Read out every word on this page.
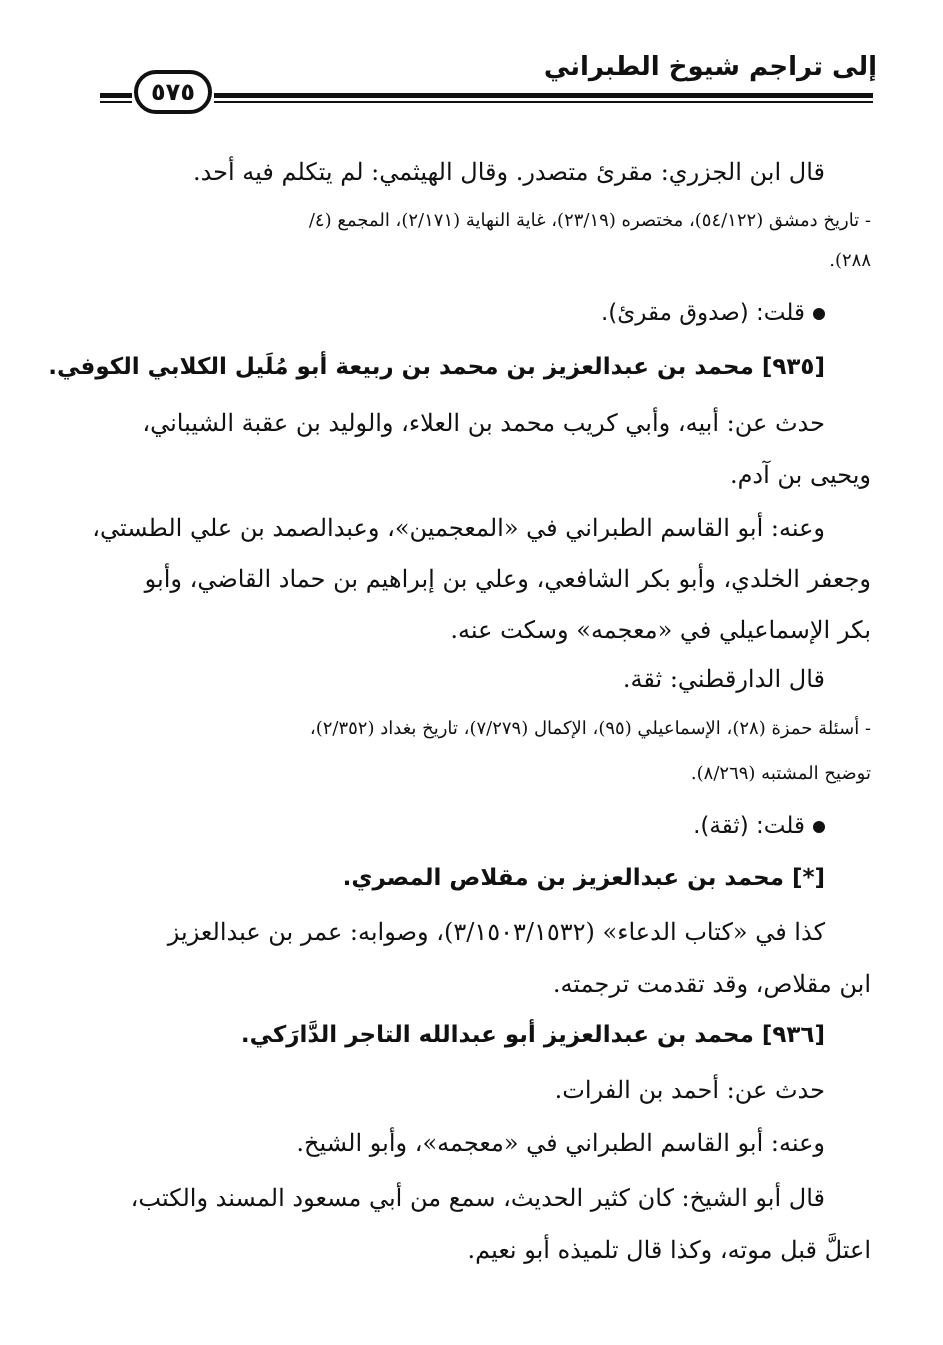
إلى تراجم شيوخ الطبراني
٥٧٥
قال ابن الجزري: مقرئ متصدر. وقال الهيثمي: لم يتكلم فيه أحد.
- تاريخ دمشق (٥٤/١٢٢)، مختصره (٢٣/١٩)، غاية النهاية (٢/١٧١)، المجمع (٤/
٢٨٨).
قلت: (صدوق مقرئ).
[٩٣٥] محمد بن عبدالعزيز بن محمد بن ربيعة أبو مُلَيل الكلابي الكوفي.
حدث عن: أبيه، وأبي كريب محمد بن العلاء، والوليد بن عقبة الشيباني،
ويحيى بن آدم.
وعنه: أبو القاسم الطبراني في «المعجمين»، وعبدالصمد بن علي الطستي،
وجعفر الخلدي، وأبو بكر الشافعي، وعلي بن إبراهيم بن حماد القاضي، وأبو
بكر الإسماعيلي في «معجمه» وسكت عنه.
قال الدارقطني: ثقة.
- أسئلة حمزة (٢٨)، الإسماعيلي (٩٥)، الإكمال (٧/٢٧٩)، تاريخ بغداد (٢/٣٥٢)،
توضيح المشتبه (٨/٢٦٩).
قلت: (ثقة).
[*] محمد بن عبدالعزيز بن مقلاص المصري.
كذا في «كتاب الدعاء» (٣/١٥٠٣/١٥٣٢)، وصوابه: عمر بن عبدالعزيز
ابن مقلاص، وقد تقدمت ترجمته.
[٩٣٦] محمد بن عبدالعزيز أبو عبدالله التاجر الدَّارَكي.
حدث عن: أحمد بن الفرات.
وعنه: أبو القاسم الطبراني في «معجمه»، وأبو الشيخ.
قال أبو الشيخ: كان كثير الحديث، سمع من أبي مسعود المسند والكتب،
اعتلَّ قبل موته، وكذا قال تلميذه أبو نعيم.
